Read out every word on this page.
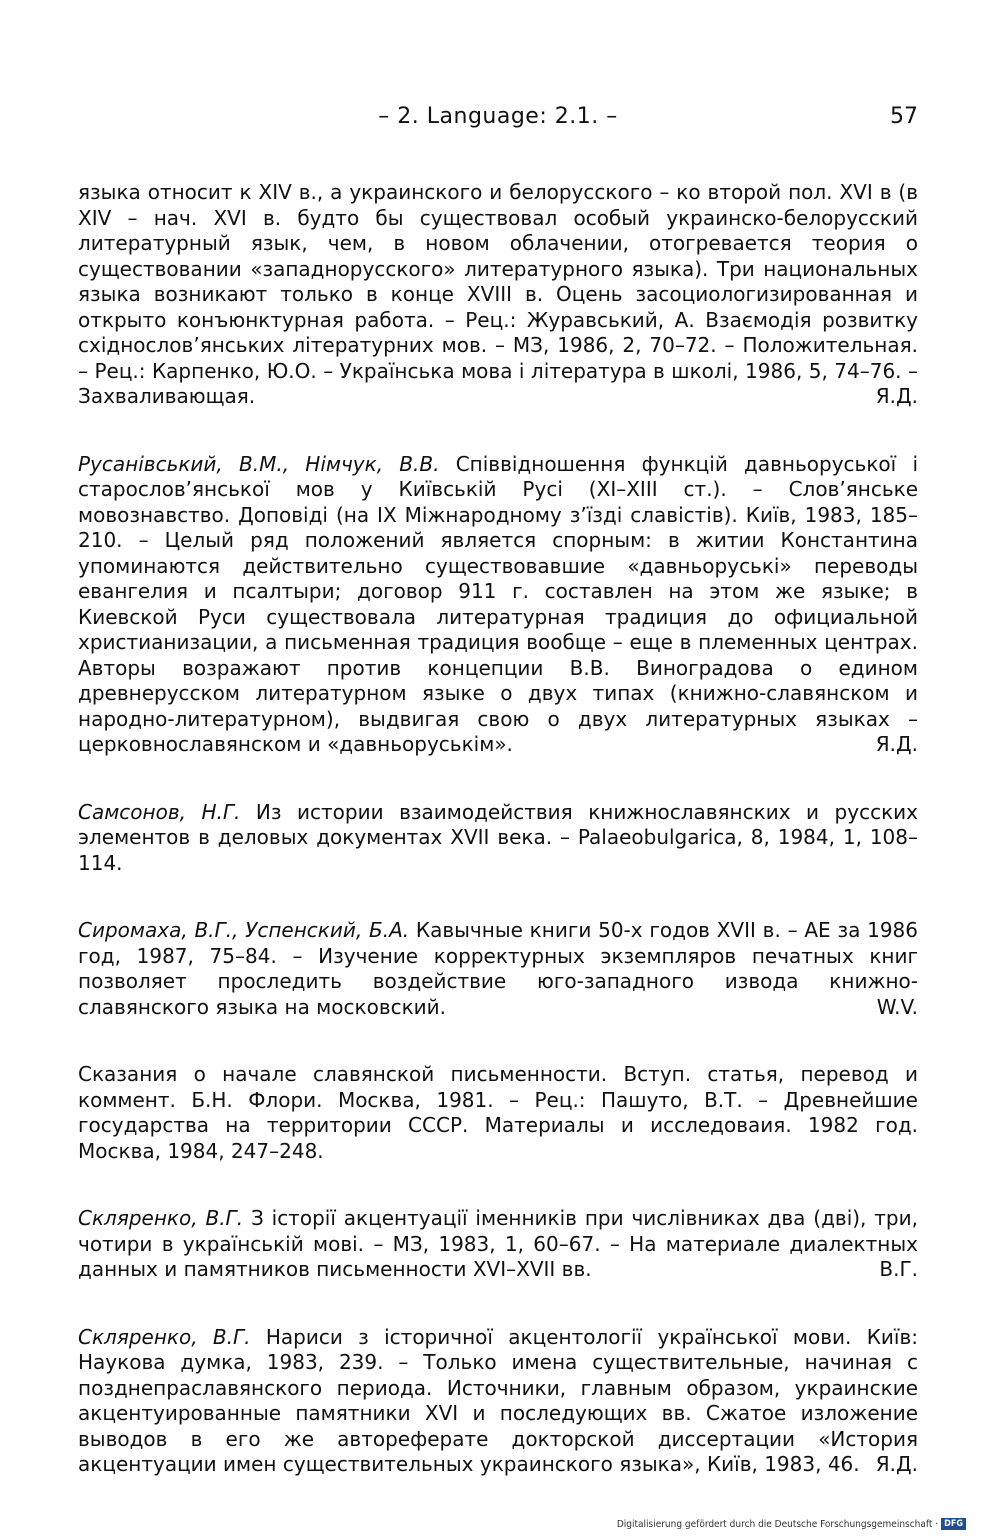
– 2. Language: 2.1. –	57

языка относит к XIV в., а украинского и белорусского – ко второй пол. XVI в (в XIV – нач. XVI в. будто бы существовал особый украинско-белорусский литературный язык, чем, в новом облачении, отогревается теория о существовании «западнорусского» литературного языка). Три национальных языка возникают только в конце XVIII в. Оцень засоциологизированная и открыто конъюнктурная работа. – Рец.: Журавський, А. Взаємодія розвитку східнослов’янських літературних мов. – МЗ, 1986, 2, 70–72. – Положительная. – Рец.: Карпенко, Ю.О. – Українська мова і література в школі, 1986, 5, 74–76. – Захваливающая.	Я.Д.

Русанівський, В.М., Німчук, В.В. Співвідношення функцій давньоруської і старослов’янської мов у Київській Русі (XI–XIII ст.). – Слов’янське мовознавство. Доповіді (на IX Міжнародному з’їзді славістів). Київ, 1983, 185–210. – Целый ряд положений является спорным: в житии Константина упоминаются действительно существовавшие «давньоруські» переводы евангелия и псалтыри; договор 911 г. составлен на этом же языке; в Киевской Руси существовала литературная традиция до официальной христианизации, а письменная традиция вообще – еще в племенных центрах. Авторы возражают против концепции В.В. Виноградова о едином древнерусском литературном языке о двух типах (книжно-славянском и народно-литературном), выдвигая свою о двух литературных языках – церковнославянском и «давньоруськім».	Я.Д.

Самсонов, Н.Г. Из истории взаимодействия книжнославянских и русских элементов в деловых документах XVII века. – Palaeobulgarica, 8, 1984, 1, 108–114.

Сиромаха, В.Г., Успенский, Б.А. Кавычные книги 50-х годов XVII в. – АЕ за 1986 год, 1987, 75–84. – Изучение корректурных экземпляров печатных книг позволяет проследить воздействие юго-западного извода книжно-славянского языка на московский.	W.V.

Сказания о начале славянской письменности. Вступ. статья, перевод и коммент. Б.Н. Флори. Москва, 1981. – Рец.: Пашуто, В.Т. – Древнейшие государства на территории СССР. Материалы и исследоваия. 1982 год. Москва, 1984, 247–248.

Скляренко, В.Г. З історії акцентуації іменників при числівниках два (дві), три, чотири в українській мові. – МЗ, 1983, 1, 60–67. – На материале диалектных данных и памятников письменности XVI–XVII вв.	В.Г.

Скляренко, В.Г. Нариси з історичної акцентології української мови. Київ: Наукова думка, 1983, 239. – Только имена существительные, начиная с позднепраславянского периода. Источники, главным образом, украинские акцентуированные памятники XVI и последующих вв. Сжатое изложение выводов в его же автореферате докторской диссертации «История акцентуации имен существительных украинского языка», Київ, 1983, 46. Я.Д.

Digitalisierung gefördert durch die Deutsche Forschungsgemeinschaft · DFG
